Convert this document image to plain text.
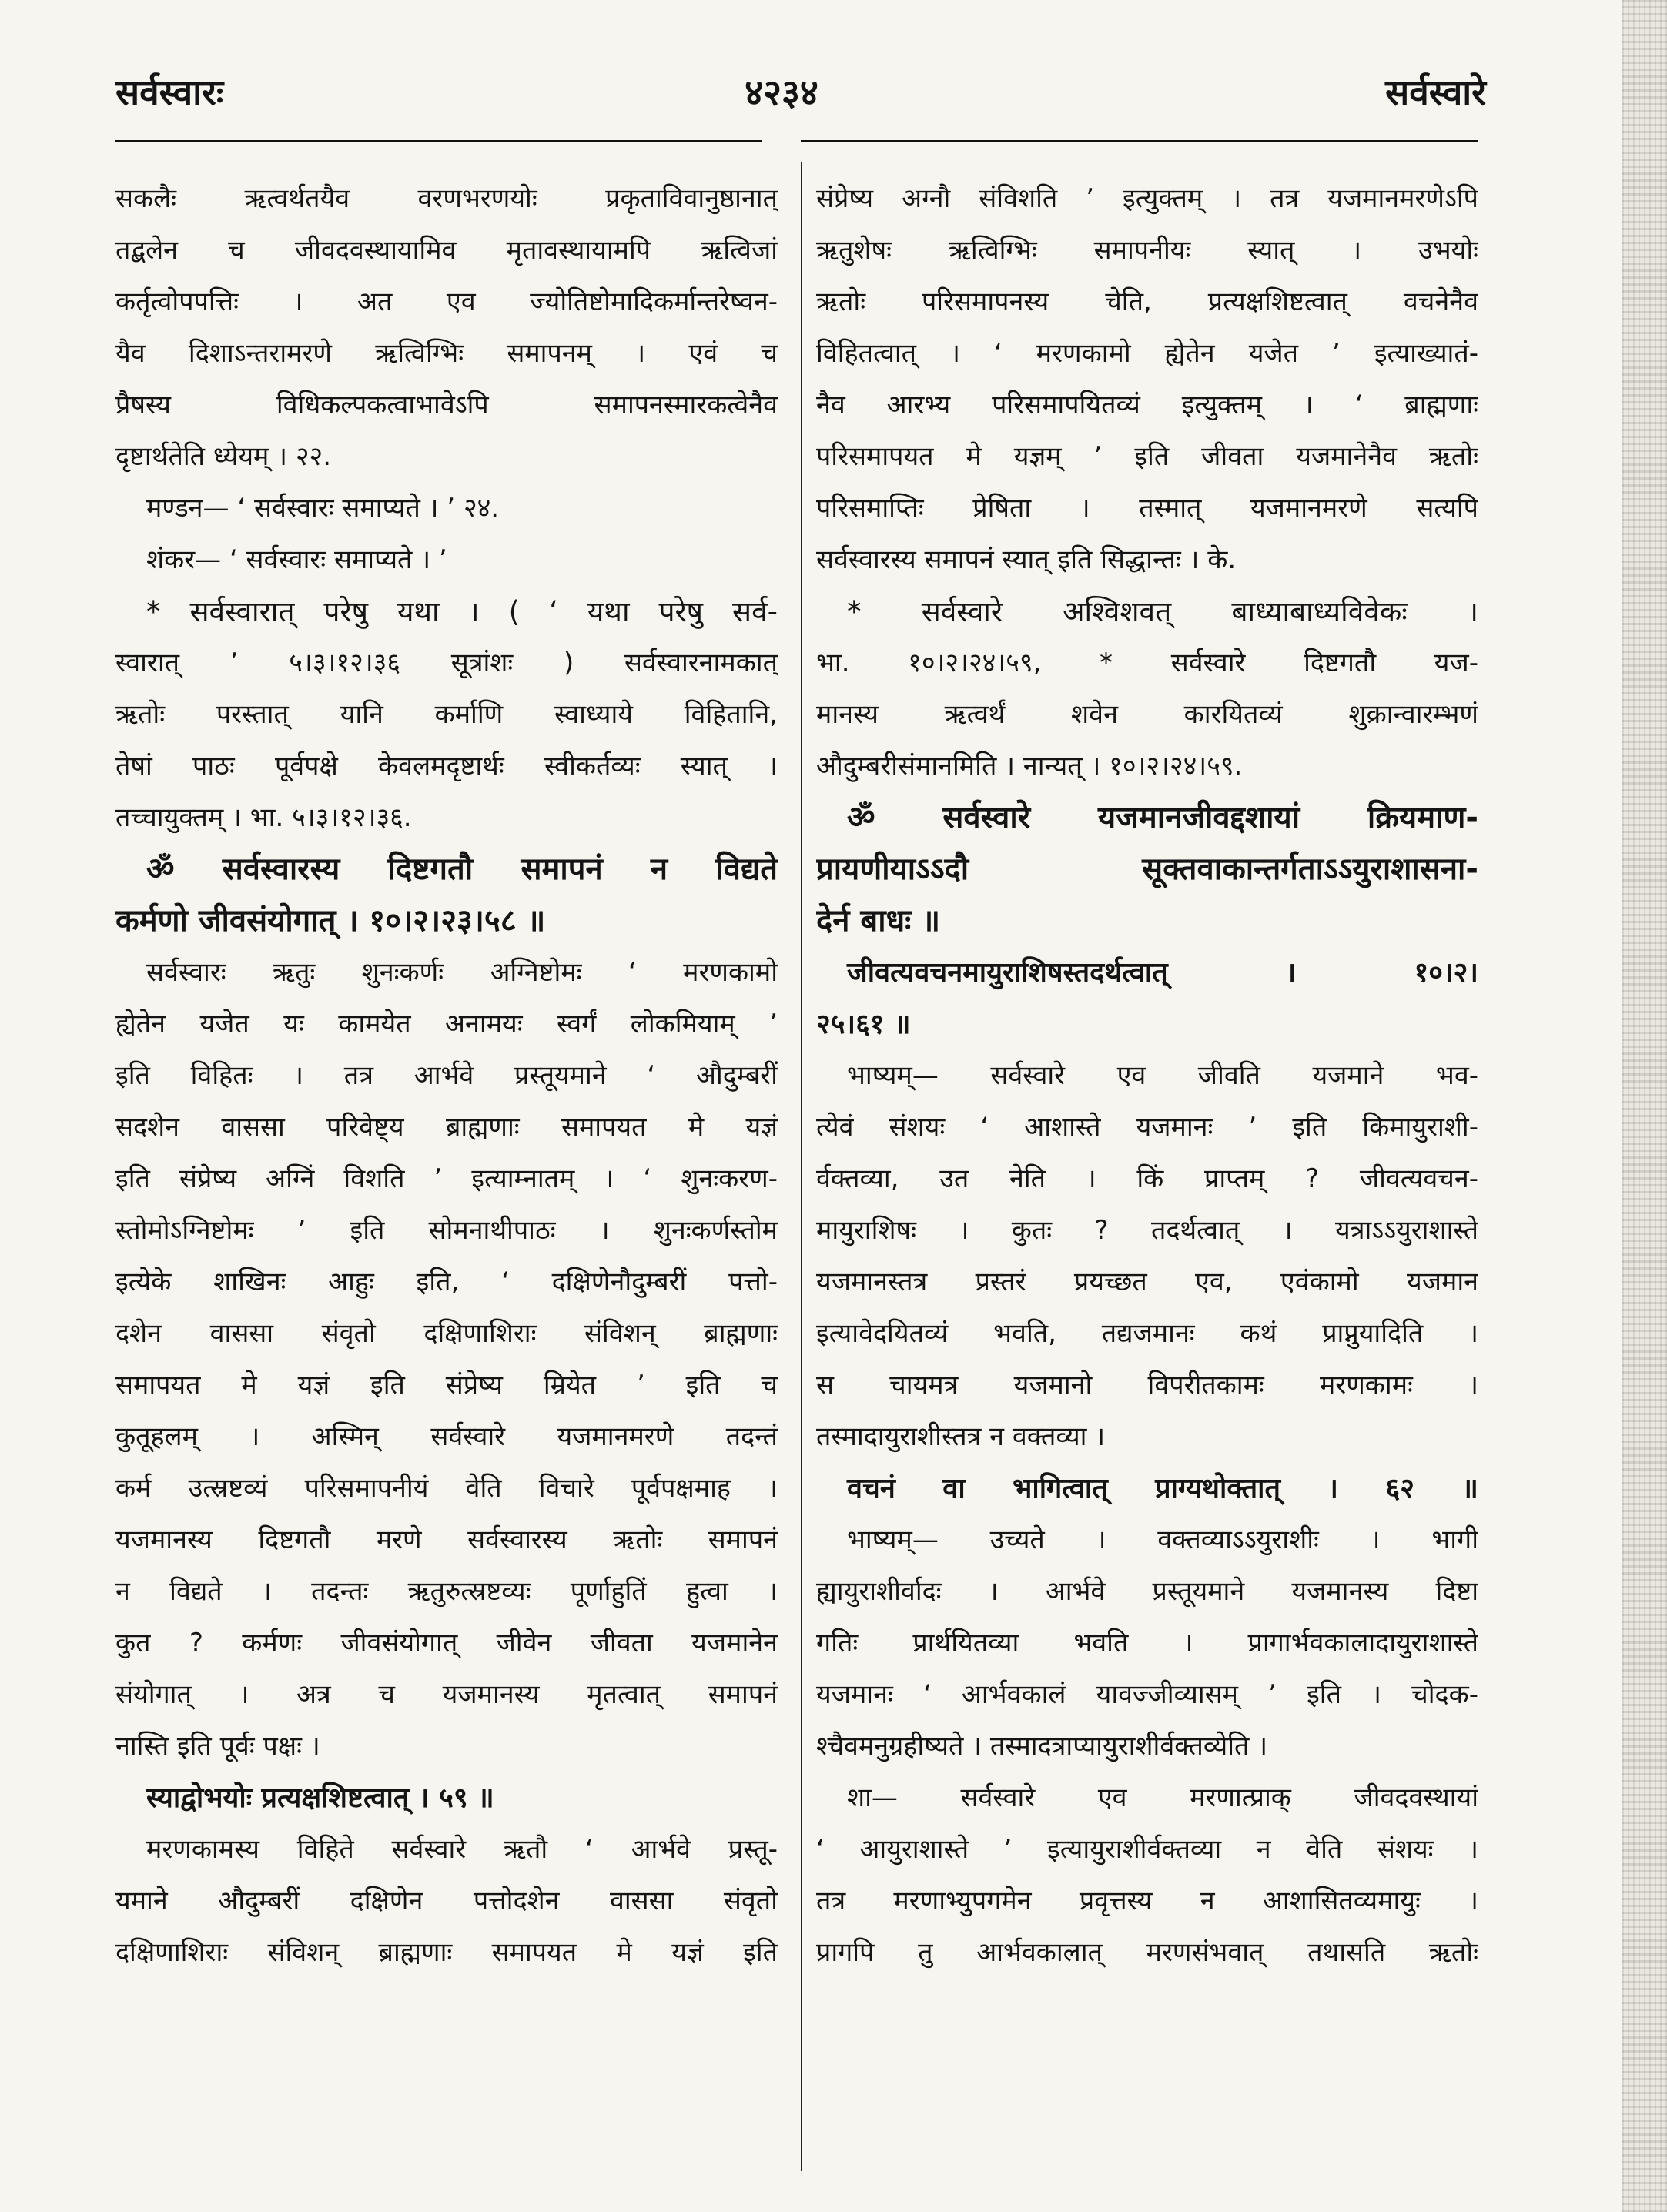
सर्वस्वारः	४२३४	सर्वस्वारे
सकलैः ऋत्वर्थतयैव वरणभरणयोः प्रकृताविवानुष्ठानात्
तद्बलेन च जीवदवस्थायामिव मृतावस्थायामपि ऋत्विजां
कर्तृत्वोपपत्तिः । अत एव ज्योतिष्टोमादिकर्मान्तरेष्वन-
यैव दिशाऽन्तरामरणे ऋत्विग्भिः समापनम् । एवं च
प्रैषस्य विधिकल्पकत्वाभावेऽपि समापनस्मारकत्वेनैव
दृष्टार्थतेति ध्येयम् । २२.
मण्डन— ‘ सर्वस्वारः समाप्यते । ’ २४.
शंकर— ‘ सर्वस्वारः समाप्यते । ’
* सर्वस्वारात् परेषु यथा । ( ‘ यथा परेषु सर्व-
स्वारात् ’ ५।३।१२।३६ सूत्रांशः ) सर्वस्वारनामकात्
ऋतोः परस्तात् यानि कर्माणि स्वाध्याये विहितानि,
तेषां पाठः पूर्वपक्षे केवलमदृष्टार्थः स्वीकर्तव्यः स्यात् ।
तच्चायुक्तम् । भा. ५।३।१२।३६.
ॐ सर्वस्वारस्य दिष्टगतौ समापनं न विद्यते
कर्मणो जीवसंयोगात् । १०।२।२३।५८ ॥
सर्वस्वारः ऋतुः शुनःकर्णः अग्निष्टोमः ‘ मरणकामो
ह्येतेन यजेत यः कामयेत अनामयः स्वर्गं लोकमियाम् ’
इति विहितः । तत्र आर्भवे प्रस्तूयमाने ‘ औदुम्बरीं
सदशेन वाससा परिवेष्ट्य ब्राह्मणाः समापयत मे यज्ञं
इति संप्रेष्य अग्निं विशति ’ इत्याम्नातम् । ‘ शुनःकरण-
स्तोमोऽग्निष्टोमः ’ इति सोमनाथीपाठः । शुनःकर्णस्तोम
इत्येके शाखिनः आहुः इति, ‘ दक्षिणेनौदुम्बरीं पत्तो-
दशेन वाससा संवृतो दक्षिणाशिराः संविशन् ब्राह्मणाः
समापयत मे यज्ञं इति संप्रेष्य म्रियेत ’ इति च
कुतूहलम् । अस्मिन् सर्वस्वारे यजमानमरणे तदन्तं
कर्म उत्स्रष्टव्यं परिसमापनीयं वेति विचारे पूर्वपक्षमाह ।
यजमानस्य दिष्टगतौ मरणे सर्वस्वारस्य ऋतोः समापनं
न विद्यते । तदन्तः ऋतुरुत्स्रष्टव्यः पूर्णाहुतिं हुत्वा ।
कुत ? कर्मणः जीवसंयोगात् जीवेन जीवता यजमानेन
संयोगात् । अत्र च यजमानस्य मृतत्वात् समापनं
नास्ति इति पूर्वः पक्षः ।
स्याद्वोभयोः प्रत्यक्षशिष्टत्वात् । ५९ ॥
मरणकामस्य विहिते सर्वस्वारे ऋतौ ‘ आर्भवे प्रस्तू-
यमाने औदुम्बरीं दक्षिणेन पत्तोदशेन वाससा संवृतो
दक्षिणाशिराः संविशन् ब्राह्मणाः समापयत मे यज्ञं इति
संप्रेष्य अग्नौ संविशति ’ इत्युक्तम् । तत्र यजमानमरणेऽपि
ऋतुशेषः ऋत्विग्भिः समापनीयः स्यात् । उभयोः
ऋतोः परिसमापनस्य चेति, प्रत्यक्षशिष्टत्वात् वचनेनैव
विहितत्वात् । ‘ मरणकामो ह्येतेन यजेत ’ इत्याख्यातं-
नैव आरभ्य परिसमापयितव्यं इत्युक्तम् । ‘ ब्राह्मणाः
परिसमापयत मे यज्ञम् ’ इति जीवता यजमानेनैव ऋतोः
परिसमाप्तिः प्रेषिता । तस्मात् यजमानमरणे सत्यपि
सर्वस्वारस्य समापनं स्यात् इति सिद्धान्तः । के.
* सर्वस्वारे अश्विशवत् बाध्याबाध्यविवेकः ।
भा. १०।२।२४।५९, * सर्वस्वारे दिष्टगतौ यज-
मानस्य ऋत्वर्थं शवेन कारयितव्यं शुक्रान्वारम्भणं
औदुम्बरीसंमानमिति । नान्यत् । १०।२।२४।५९.
ॐ सर्वस्वारे यजमानजीवद्दशायां क्रियमाण-
प्रायणीयाऽऽदौ सूक्तवाकान्तर्गताऽऽयुराशासना-
देर्न बाधः ॥
जीवत्यवचनमायुराशिषस्तदर्थत्वात् । १०।२।
२५।६१ ॥
भाष्यम्— सर्वस्वारे एव जीवति यजमाने भव-
त्येवं संशयः ‘ आशास्ते यजमानः ’ इति किमायुराशी-
र्वक्तव्या, उत नेति । किं प्राप्तम् ? जीवत्यवचन-
मायुराशिषः । कुतः ? तदर्थत्वात् । यत्राऽऽयुराशास्ते
यजमानस्तत्र प्रस्तरं प्रयच्छत एव, एवंकामो यजमान
इत्यावेदयितव्यं भवति, तद्यजमानः कथं प्राप्नुयादिति ।
स चायमत्र यजमानो विपरीतकामः मरणकामः ।
तस्मादायुराशीस्तत्र न वक्तव्या ।
वचनं वा भागित्वात् प्राग्यथोक्तात् । ६२ ॥
भाष्यम्— उच्यते । वक्तव्याऽऽयुराशीः । भागी
ह्यायुराशीर्वादः । आर्भवे प्रस्तूयमाने यजमानस्य दिष्टा
गतिः प्रार्थयितव्या भवति । प्रागार्भवकालादायुराशास्ते
यजमानः ‘ आर्भवकालं यावज्जीव्यासम् ’ इति । चोदक-
श्चैवमनुग्रहीष्यते । तस्मादत्राप्यायुराशीर्वक्तव्येति ।
शा— सर्वस्वारे एव मरणात्प्राक् जीवदवस्थायां
‘ आयुराशास्ते ’ इत्यायुराशीर्वक्तव्या न वेति संशयः ।
तत्र मरणाभ्युपगमेन प्रवृत्तस्य न आशासितव्यमायुः ।
प्रागपि तु आर्भवकालात् मरणसंभवात् तथासति ऋतोः
